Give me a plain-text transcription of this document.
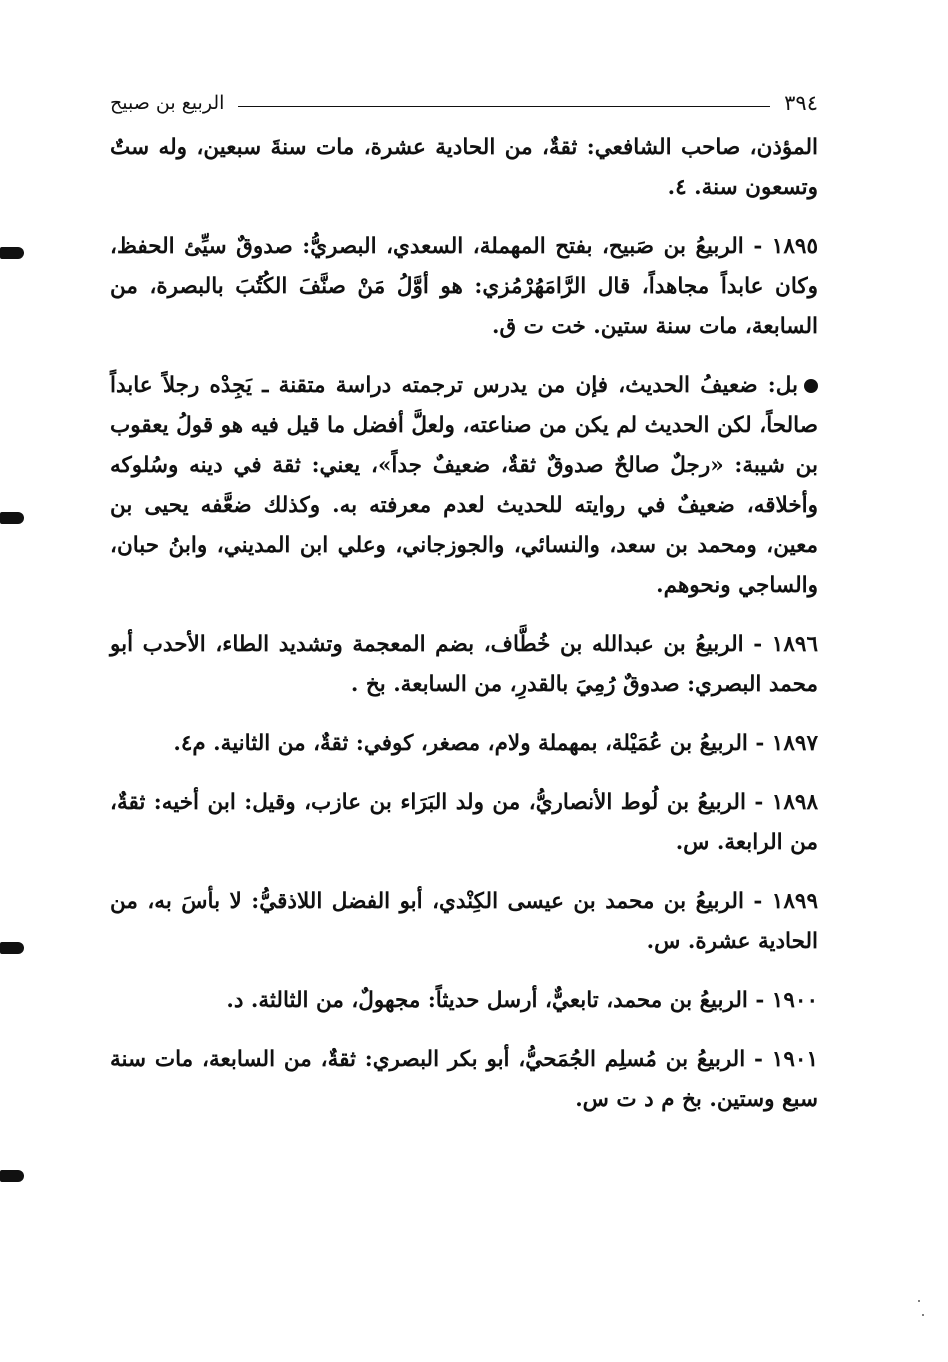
٣٩٤
الربيع بن صبيح
المؤذن، صاحب الشافعي: ثقةٌ، من الحادية عشرة، مات سنةَ سبعين، وله ستٌ وتسعون سنة. ٤.
١٨٩٥ - الربيعُ بن صَبيح، بفتح المهملة، السعدي، البصريُّ: صدوقٌ سيِّئ الحفظ، وكان عابداً مجاهداً، قال الرَّامَهُرْمُزي: هو أوَّلُ مَنْ صنَّفَ الكُتُبَ بالبصرة، من السابعة، مات سنة ستين. خت ت ق.
بل: ضعيفُ الحديث، فإن من يدرس ترجمته دراسة متقنة ـ يَجِدْه رجلاً عابداً صالحاً، لكن الحديث لم يكن من صناعته، ولعلَّ أفضل ما قيل فيه هو قولُ يعقوب بن شيبة: «رجلٌ صالحٌ صدوقٌ ثقةٌ، ضعيفٌ جداً»، يعني: ثقة في دينه وسُلوكه وأخلاقه، ضعيفٌ في روايته للحديث لعدم معرفته به. وكذلك ضعَّفه يحيى بن معين، ومحمد بن سعد، والنسائي، والجوزجاني، وعلي ابن المديني، وابنُ حبان، والساجي ونحوهم.
١٨٩٦ - الربيعُ بن عبدالله بن خُطَّاف، بضم المعجمة وتشديد الطاء، الأحدب أبو محمد البصري: صدوقٌ رُمِيَ بالقدرِ، من السابعة. بخ .
١٨٩٧ - الربيعُ بن عُمَيْلة، بمهملة ولام، مصغر، كوفي: ثقةٌ، من الثانية. م٤.
١٨٩٨ - الربيعُ بن لُوط الأنصاريُّ، من ولد البَرَاء بن عازب، وقيل: ابن أخيه: ثقةٌ، من الرابعة. س.
١٨٩٩ - الربيعُ بن محمد بن عيسى الكِنْدي، أبو الفضل اللاذقيُّ: لا بأسَ به، من الحادية عشرة. س.
١٩٠٠ - الربيعُ بن محمد، تابعيٌّ، أرسل حديثاً: مجهولٌ، من الثالثة. د.
١٩٠١ - الربيعُ بن مُسلِم الجُمَحيُّ، أبو بكر البصري: ثقةٌ، من السابعة، مات سنة سبع وستين. بخ م د ت س.
